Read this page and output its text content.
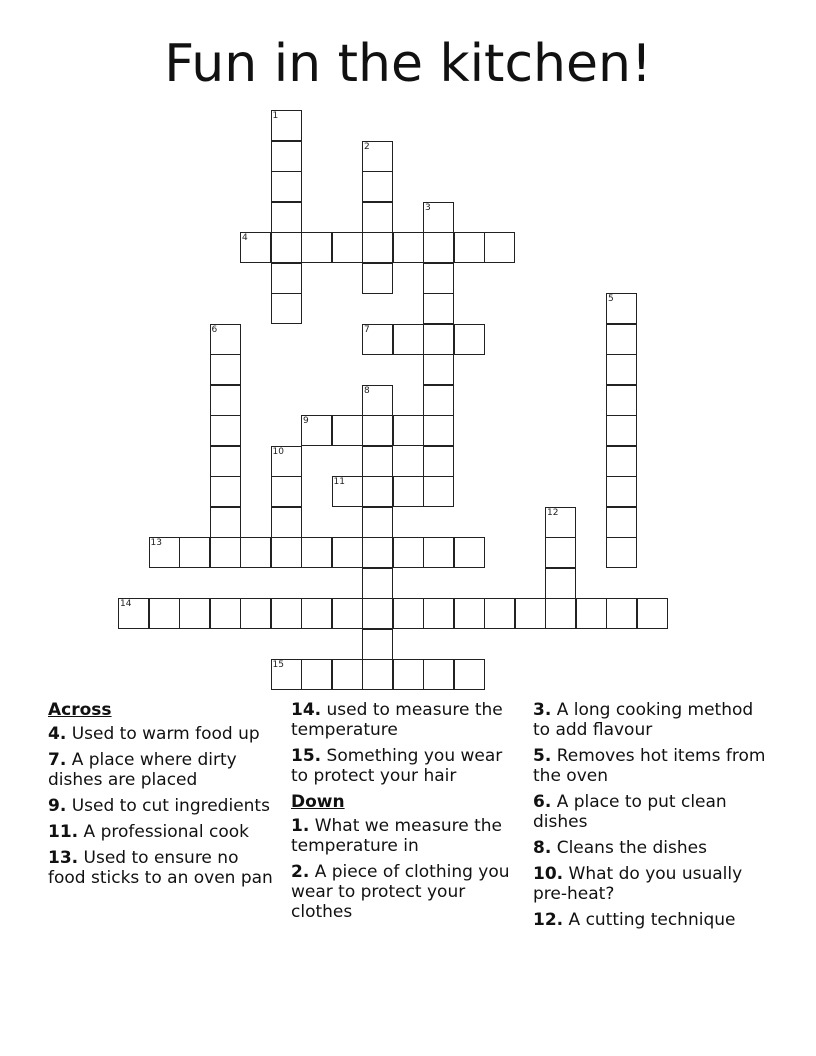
Fun in the kitchen!
1
2
3
4
5
6	7
8
9
10
11
12
13
14
15
Across
4. Used to warm food up
7. A place where dirty dishes are placed
9. Used to cut ingredients
11. A professional cook
13. Used to ensure no food sticks to an oven pan
14. used to measure the temperature
15. Something you wear to protect your hair
Down
1. What we measure the temperature in
2. A piece of clothing you wear to protect your clothes
3. A long cooking method to add flavour
5. Removes hot items from the oven
6. A place to put clean dishes
8. Cleans the dishes
10. What do you usually pre-heat?
12. A cutting technique
